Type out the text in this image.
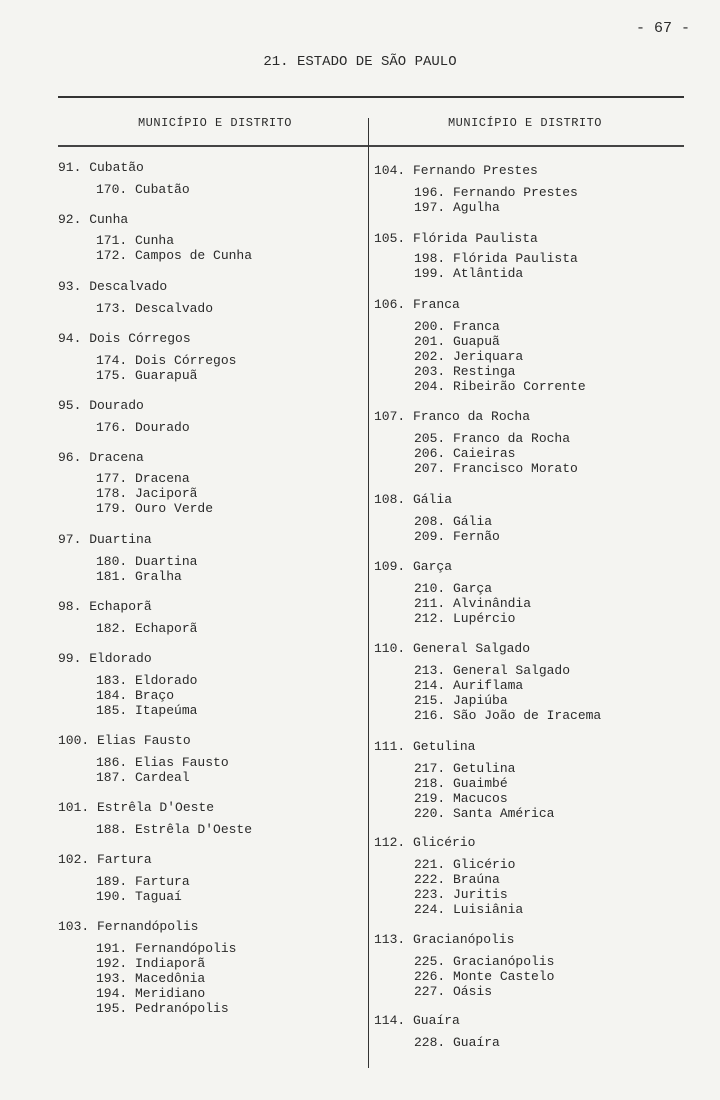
- 67 -
21. ESTADO DE SÃO PAULO
MUNICÍPIO E DISTRITO	MUNICÍPIO E DISTRITO
91. Cubatão
170. Cubatão
92. Cunha
171. Cunha
172. Campos de Cunha
93. Descalvado
173. Descalvado
94. Dois Córregos
174. Dois Córregos
175. Guarapuã
95. Dourado
176. Dourado
96. Dracena
177. Dracena
178. Jaciporã
179. Ouro Verde
97. Duartina
180. Duartina
181. Gralha
98. Echaporã
182. Echaporã
99. Eldorado
183. Eldorado
184. Braço
185. Itapeúma
100. Elias Fausto
186. Elias Fausto
187. Cardeal
101. Estrêla D'Oeste
188. Estrêla D'Oeste
102. Fartura
189. Fartura
190. Taguaí
103. Fernandópolis
191. Fernandópolis
192. Indiaporã
193. Macedônia
194. Meridiano
195. Pedranópolis
104. Fernando Prestes
196. Fernando Prestes
197. Agulha
105. Flórida Paulista
198. Flórida Paulista
199. Atlântida
106. Franca
200. Franca
201. Guapuã
202. Jeriquara
203. Restinga
204. Ribeirão Corrente
107. Franco da Rocha
205. Franco da Rocha
206. Caieiras
207. Francisco Morato
108. Gália
208. Gália
209. Fernão
109. Garça
210. Garça
211. Alvinândia
212. Lupércio
110. General Salgado
213. General Salgado
214. Auriflama
215. Japiúba
216. São João de Iracema
111. Getulina
217. Getulina
218. Guaimbé
219. Macucos
220. Santa América
112. Glicério
221. Glicério
222. Braúna
223. Juritis
224. Luisiânia
113. Gracianópolis
225. Gracianópolis
226. Monte Castelo
227. Oásis
114. Guaíra
228. Guaíra
